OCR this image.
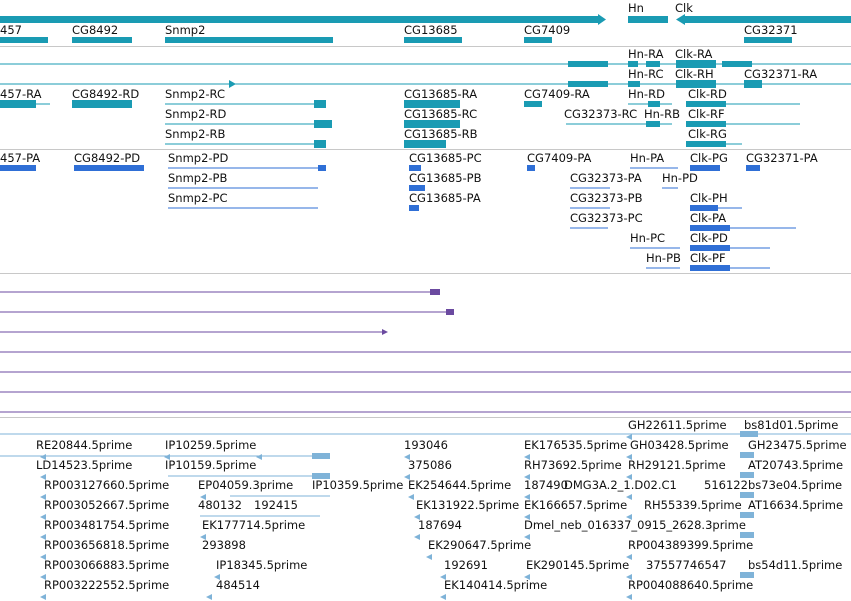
457	CG8492	Snmp2	CG13685	CG7409
Hn	Clk
CG32371
Hn-RA Clk-RA
Hn-RC Clk-RH	CG32371-RA
457-RA	CG8492-RD Snmp2-RC	CG13685-RA	CG7409-RA	Hn-RD Clk-RD
Snmp2-RD	CG13685-RC	CG32373-RC Hn-RB Clk-RF
Snmp2-RB	CG13685-RB	Clk-RG
457-PA	CG8492-PD Snmp2-PD	CG13685-PC	CG7409-PA	Hn-PA Clk-PG CG32371-PA
Snmp2-PB	CG13685-PB	CG32373-PA Hn-PD
Snmp2-PC	CG13685-PA	CG32373-PB	Clk-PH
CG32373-PC	Clk-PA
Hn-PC Clk-PD
Hn-PB Clk-PF
GH22611.5prime bs81d01.5prime
RE20844.5prime	IP10259.5prime	193046	EK176535.5prime GH03428.5prime GH23475.5prime
LD14523.5prime	IP10159.5prime	375086	RH73692.5prime RH29121.5prime AT20743.5prime
RP003127660.5prime	EP04059.3prime IP10359.5prime EK254644.5prime 187490
DMG3A.2_1.D02.C1 516122 bs73e04.5prime
RP003052667.5prime	480132 192415	EK131922.5prime EK166657.5prime RH55339.5prime AT16634.5prime
RP003481754.5prime	EK177714.5prime	187694	Dmel_neb_016337_0915_2628.3prime
RP003656818.5prime	293898	EK290647.5prime	RP004389399.5prime
RP003066883.5prime	IP18345.5prime	192691	EK290145.5prime 37557746547 bs54d11.5prime
RP003222552.5prime	484514	EK140414.5prime	RP004088640.5prime
